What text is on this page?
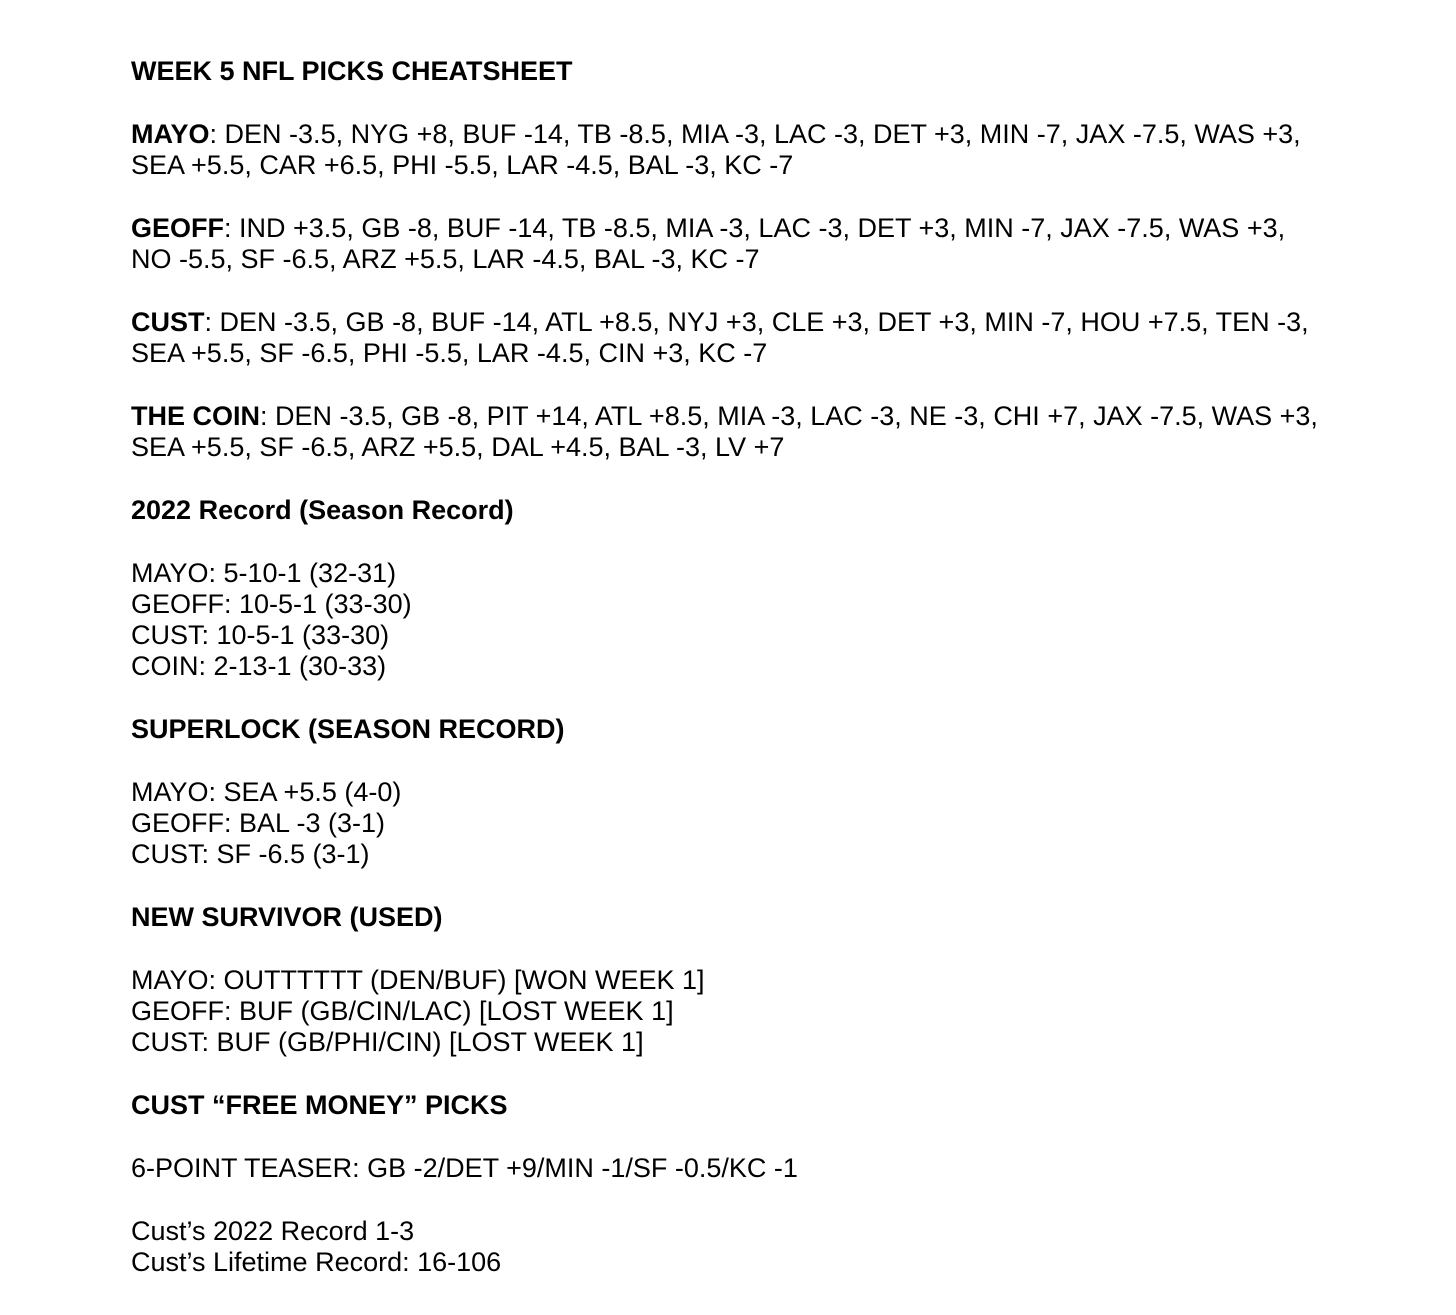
WEEK 5 NFL PICKS CHEATSHEET

MAYO: DEN -3.5, NYG +8, BUF -14, TB -8.5, MIA -3, LAC -3, DET +3, MIN -7, JAX -7.5, WAS +3, SEA +5.5, CAR +6.5, PHI -5.5, LAR -4.5, BAL -3, KC -7

GEOFF: IND +3.5, GB -8, BUF -14, TB -8.5, MIA -3, LAC -3, DET +3, MIN -7, JAX -7.5, WAS +3, NO -5.5, SF -6.5, ARZ +5.5, LAR -4.5, BAL -3, KC -7

CUST: DEN -3.5, GB -8, BUF -14, ATL +8.5, NYJ +3, CLE +3, DET +3, MIN -7, HOU +7.5, TEN -3, SEA +5.5, SF -6.5, PHI -5.5, LAR -4.5, CIN +3, KC -7

THE COIN: DEN -3.5, GB -8, PIT +14, ATL +8.5, MIA -3, LAC -3, NE -3, CHI +7, JAX -7.5, WAS +3, SEA +5.5, SF -6.5, ARZ +5.5, DAL +4.5, BAL -3, LV +7

2022 Record (Season Record)

MAYO: 5-10-1 (32-31)

GEOFF: 10-5-1 (33-30)

CUST: 10-5-1 (33-30)

COIN: 2-13-1 (30-33)

SUPERLOCK (SEASON RECORD)

MAYO: SEA +5.5 (4-0)

GEOFF: BAL -3 (3-1)

CUST: SF -6.5 (3-1)

NEW SURVIVOR (USED)

MAYO: OUTTTTTT (DEN/BUF) [WON WEEK 1]

GEOFF: BUF (GB/CIN/LAC) [LOST WEEK 1]

CUST: BUF (GB/PHI/CIN) [LOST WEEK 1]

CUST “FREE MONEY” PICKS

6-POINT TEASER: GB -2/DET +9/MIN -1/SF -0.5/KC -1

Cust’s 2022 Record 1-3

Cust’s Lifetime Record: 16-106
